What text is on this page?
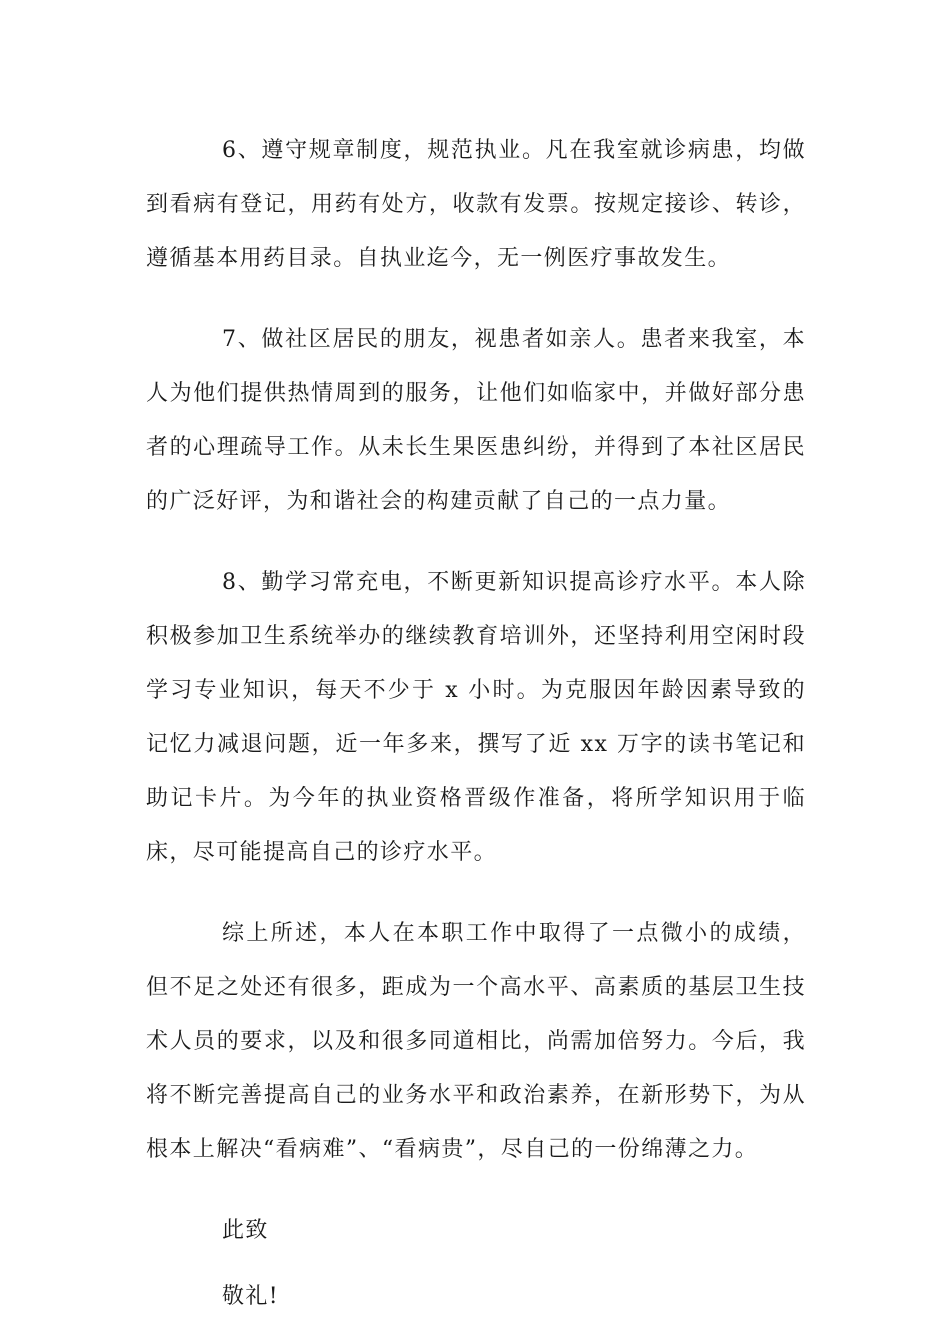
6、遵守规章制度，规范执业。凡在我室就诊病患，均做到看病有登记，用药有处方，收款有发票。按规定接诊、转诊，遵循基本用药目录。自执业迄今，无一例医疗事故发生。

7、做社区居民的朋友，视患者如亲人。患者来我室，本人为他们提供热情周到的服务，让他们如临家中，并做好部分患者的心理疏导工作。从未长生果医患纠纷，并得到了本社区居民的广泛好评，为和谐社会的构建贡献了自己的一点力量。

8、勤学习常充电，不断更新知识提高诊疗水平。本人除积极参加卫生系统举办的继续教育培训外，还坚持利用空闲时段学习专业知识，每天不少于 x 小时。为克服因年龄因素导致的记忆力减退问题，近一年多来，撰写了近 xx 万字的读书笔记和助记卡片。为今年的执业资格晋级作准备，将所学知识用于临床，尽可能提高自己的诊疗水平。

综上所述，本人在本职工作中取得了一点微小的成绩，但不足之处还有很多，距成为一个高水平、高素质的基层卫生技术人员的要求，以及和很多同道相比，尚需加倍努力。今后，我将不断完善提高自己的业务水平和政治素养，在新形势下，为从根本上解决“看病难”、“看病贵”，尽自己的一份绵薄之力。

此致

敬礼!
